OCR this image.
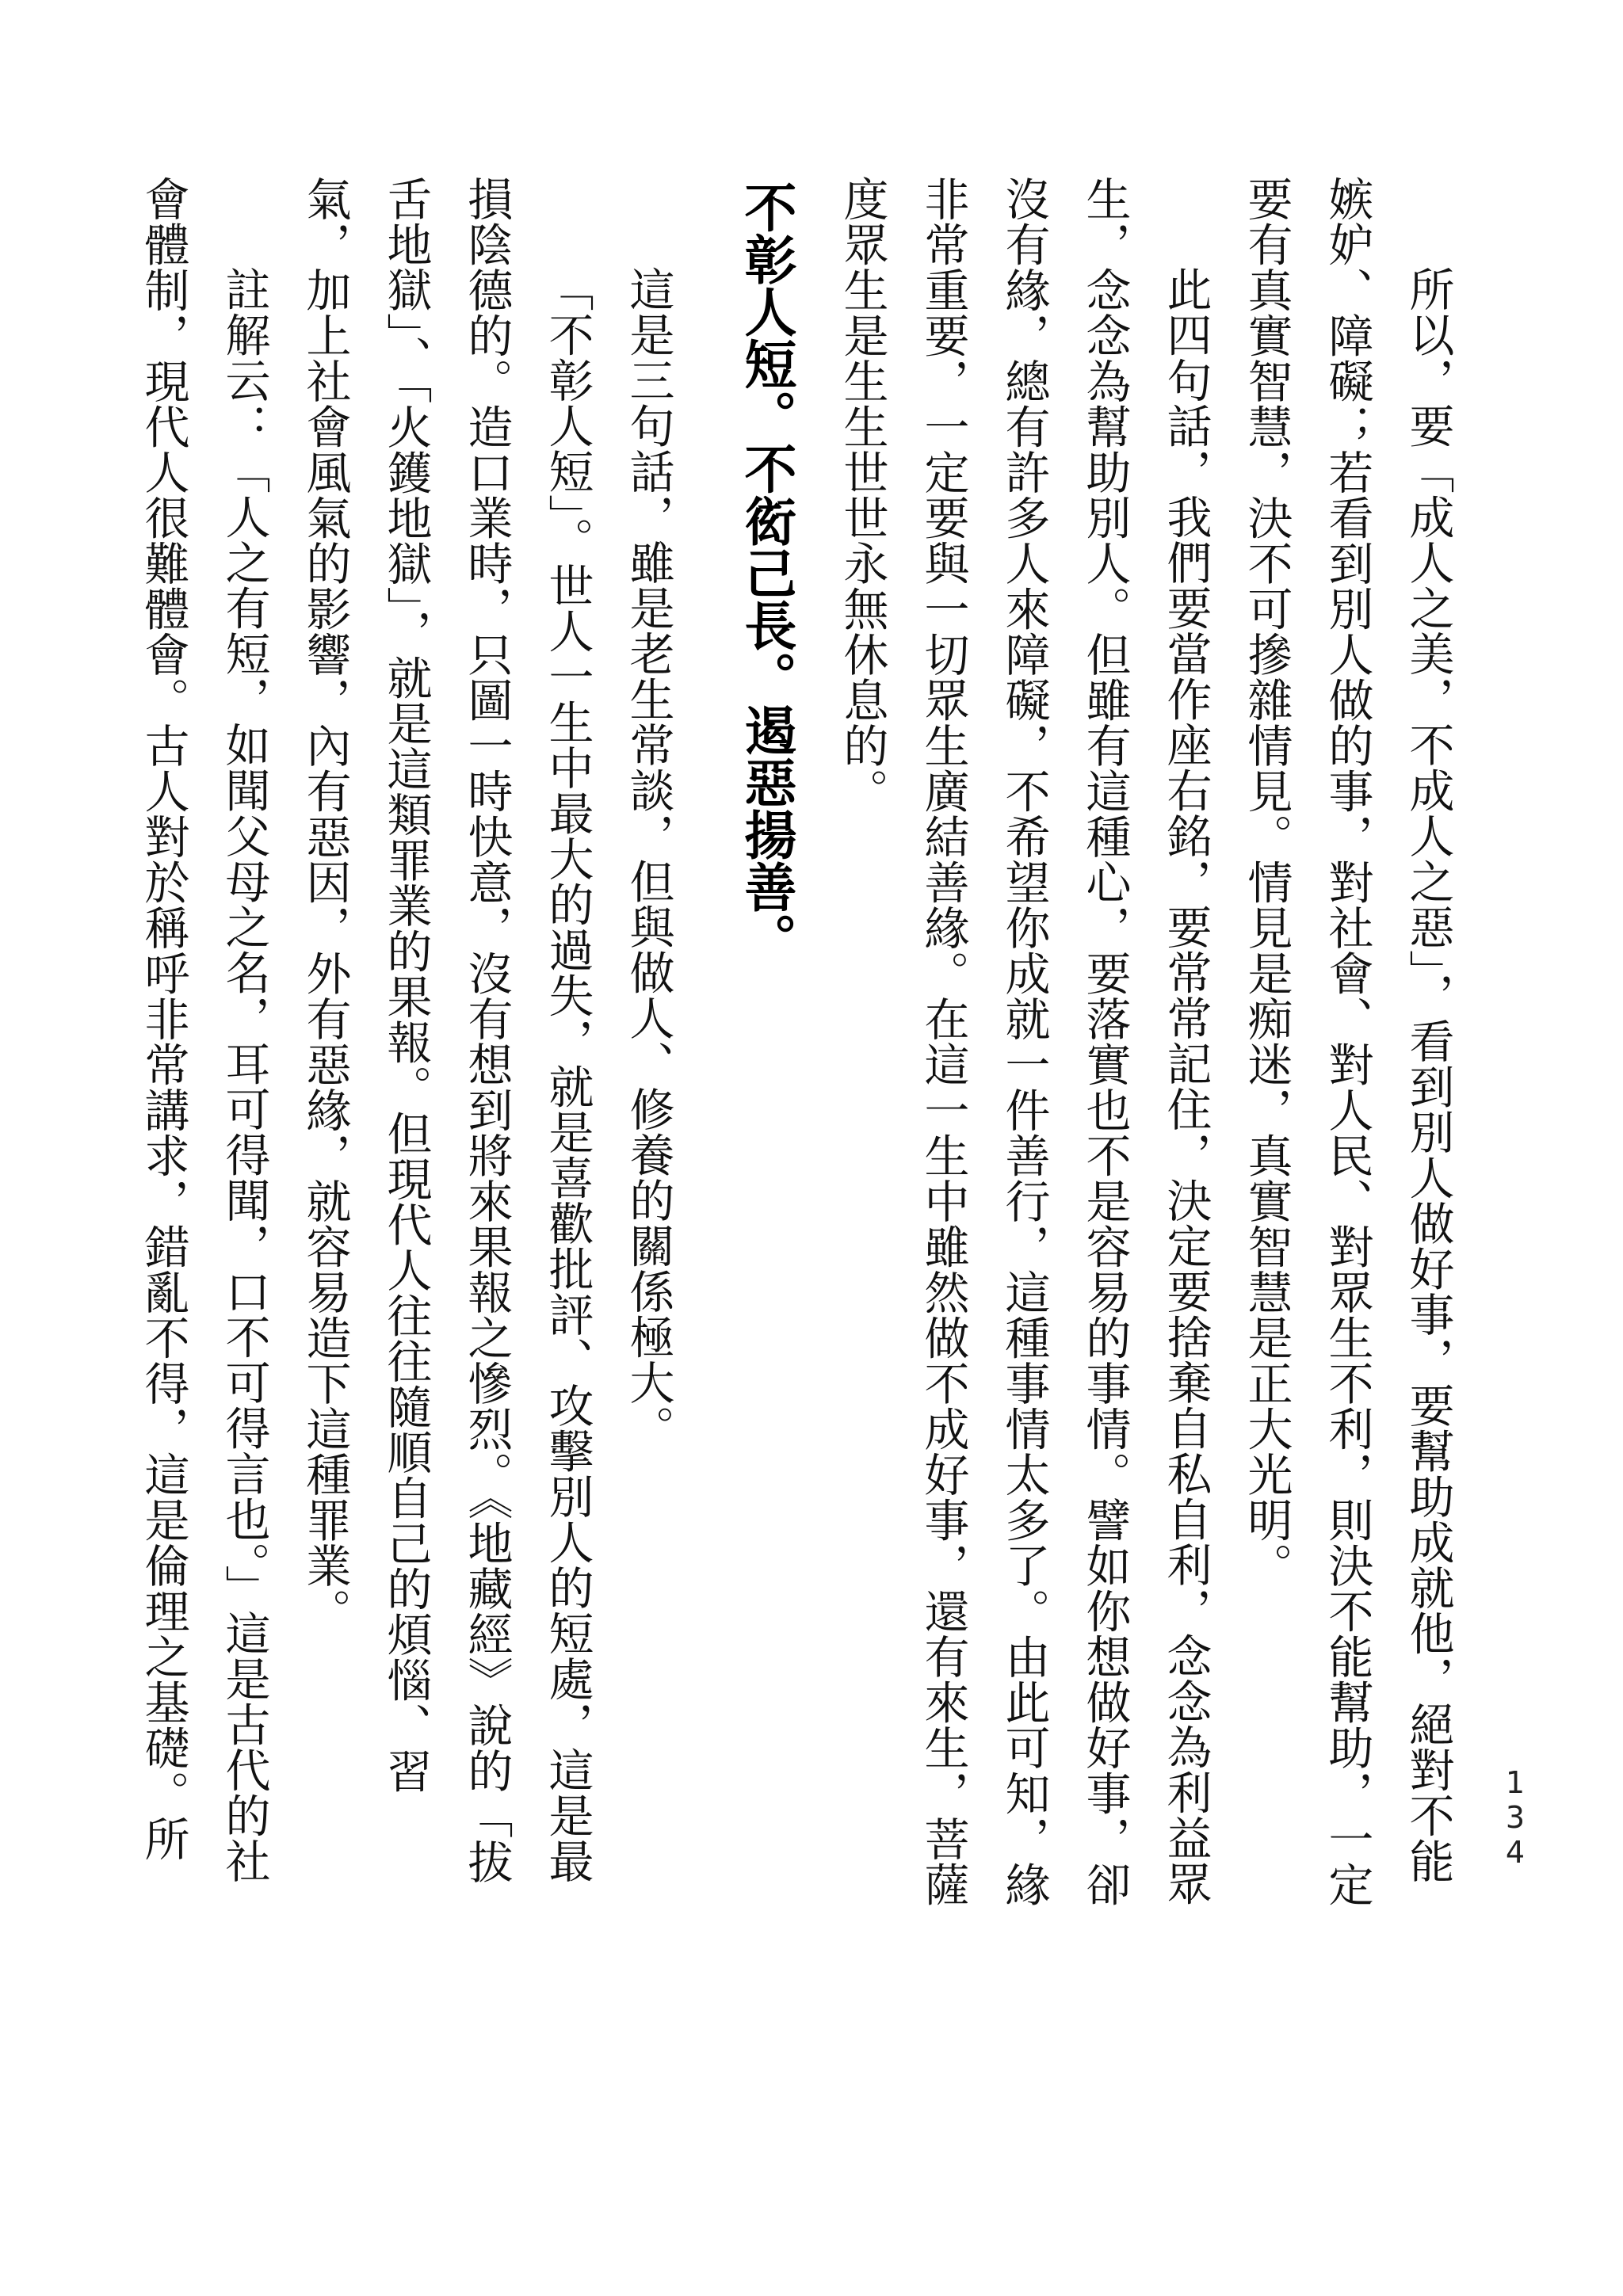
134
所以，要「成人之美，不成人之惡」，看到別人做好事，要幫助成就他，絕對不能
嫉妒、障礙；若看到別人做的事，對社會、對人民、對眾生不利，則決不能幫助，一定
要有真實智慧，決不可摻雜情見。情見是痴迷，真實智慧是正大光明。
此四句話，我們要當作座右銘，要常常記住，決定要捨棄自私自利，念念為利益眾
生，念念為幫助別人。但雖有這種心，要落實也不是容易的事情。譬如你想做好事，卻
沒有緣，總有許多人來障礙，不希望你成就一件善行，這種事情太多了。由此可知，緣
非常重要，一定要與一切眾生廣結善緣。在這一生中雖然做不成好事，還有來生，菩薩
度眾生是生生世世永無休息的。
不彰人短。不衒己長。遏惡揚善。
這是三句話，雖是老生常談，但與做人、修養的關係極大。
「不彰人短」。世人一生中最大的過失，就是喜歡批評、攻擊別人的短處，這是最
損陰德的。造口業時，只圖一時快意，沒有想到將來果報之慘烈。《地藏經》說的「拔
舌地獄」、「火鑊地獄」，就是這類罪業的果報。但現代人往往隨順自己的煩惱、習
氣，加上社會風氣的影響，內有惡因，外有惡緣，就容易造下這種罪業。
註解云：「人之有短，如聞父母之名，耳可得聞，口不可得言也。」這是古代的社
會體制，現代人很難體會。古人對於稱呼非常講求，錯亂不得，這是倫理之基礎。所
